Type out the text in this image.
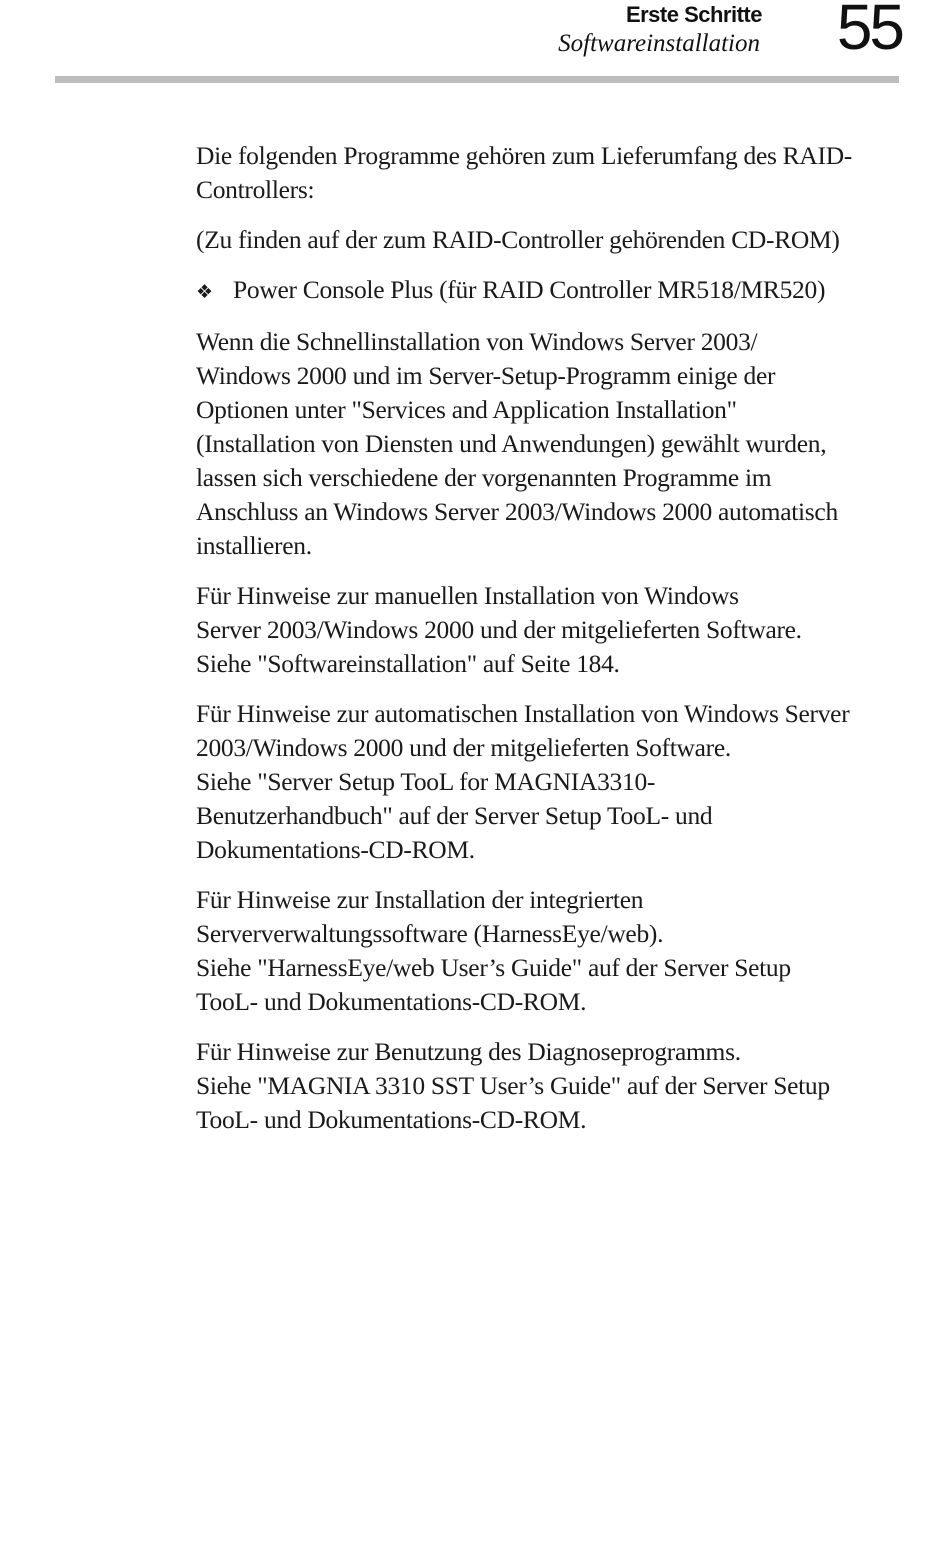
Erste Schritte
Softwareinstallation 55

Die folgenden Programme gehören zum Lieferumfang des RAID-
Controllers:

(Zu finden auf der zum RAID-Controller gehörenden CD-ROM)

❖ Power Console Plus (für RAID Controller MR518/MR520)

Wenn die Schnellinstallation von Windows Server 2003/
Windows 2000 und im Server-Setup-Programm einige der
Optionen unter "Services and Application Installation"
(Installation von Diensten und Anwendungen) gewählt wurden,
lassen sich verschiedene der vorgenannten Programme im
Anschluss an Windows Server 2003/Windows 2000 automatisch
installieren.

Für Hinweise zur manuellen Installation von Windows
Server 2003/Windows 2000 und der mitgelieferten Software.
Siehe "Softwareinstallation" auf Seite 184.

Für Hinweise zur automatischen Installation von Windows Server
2003/Windows 2000 und der mitgelieferten Software.
Siehe "Server Setup TooL for MAGNIA3310-
Benutzerhandbuch" auf der Server Setup TooL- und
Dokumentations-CD-ROM.

Für Hinweise zur Installation der integrierten
Serververwaltungssoftware (HarnessEye/web).
Siehe "HarnessEye/web User’s Guide" auf der Server Setup
TooL- und Dokumentations-CD-ROM.

Für Hinweise zur Benutzung des Diagnoseprogramms.
Siehe "MAGNIA 3310 SST User’s Guide" auf der Server Setup
TooL- und Dokumentations-CD-ROM.
